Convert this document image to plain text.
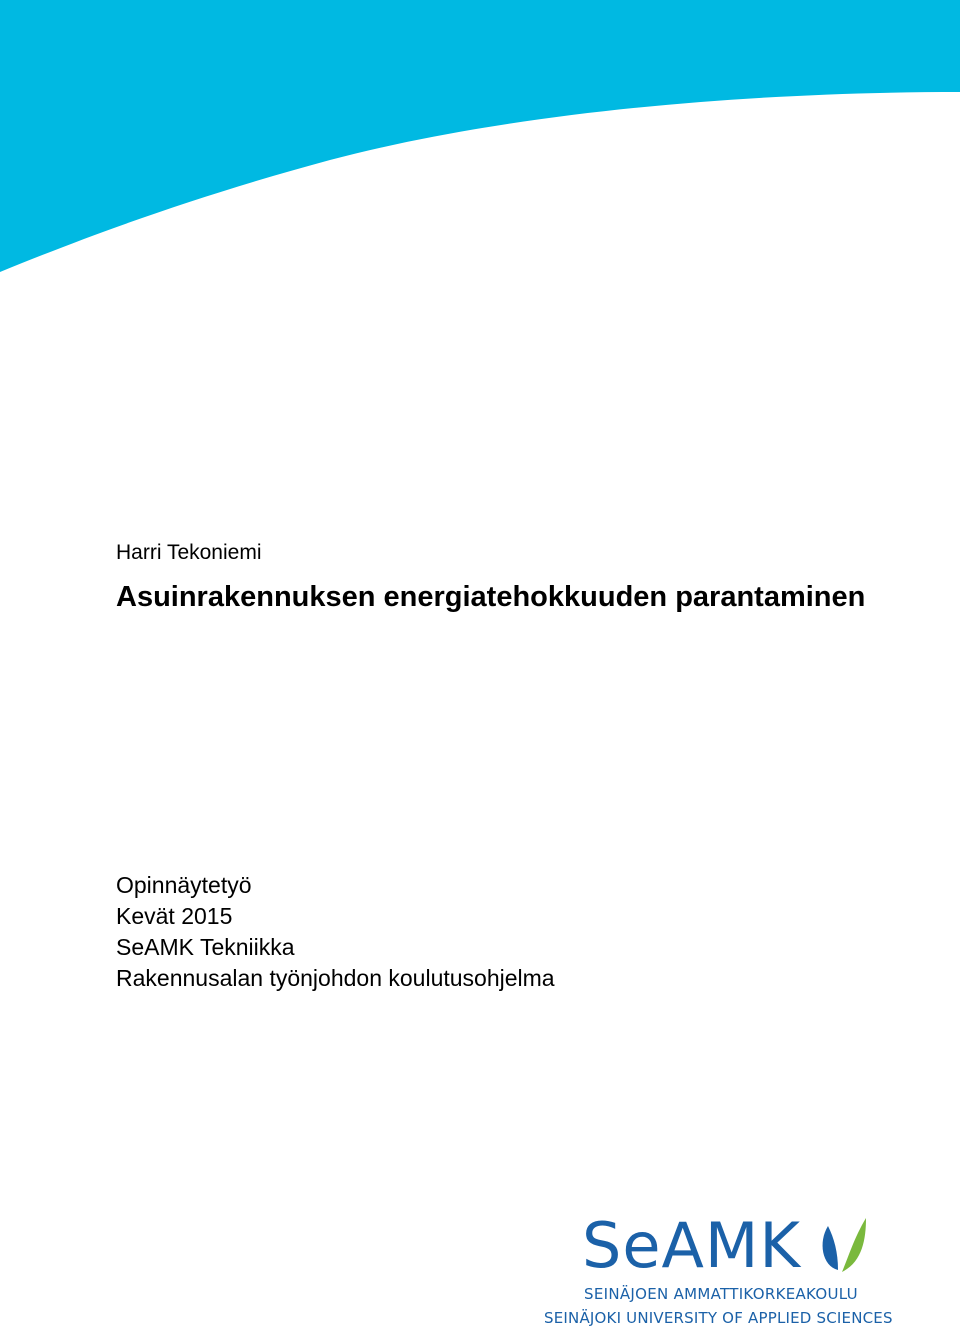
Harri Tekoniemi
Asuinrakennuksen energiatehokkuuden parantaminen
Opinnäytetyö
Kevät 2015
SeAMK Tekniikka
Rakennusalan työnjohdon koulutusohjelma
SeAMK
SEINÄJOEN AMMATTIKORKEAKOULU
SEINÄJOKI UNIVERSITY OF APPLIED SCIENCES
